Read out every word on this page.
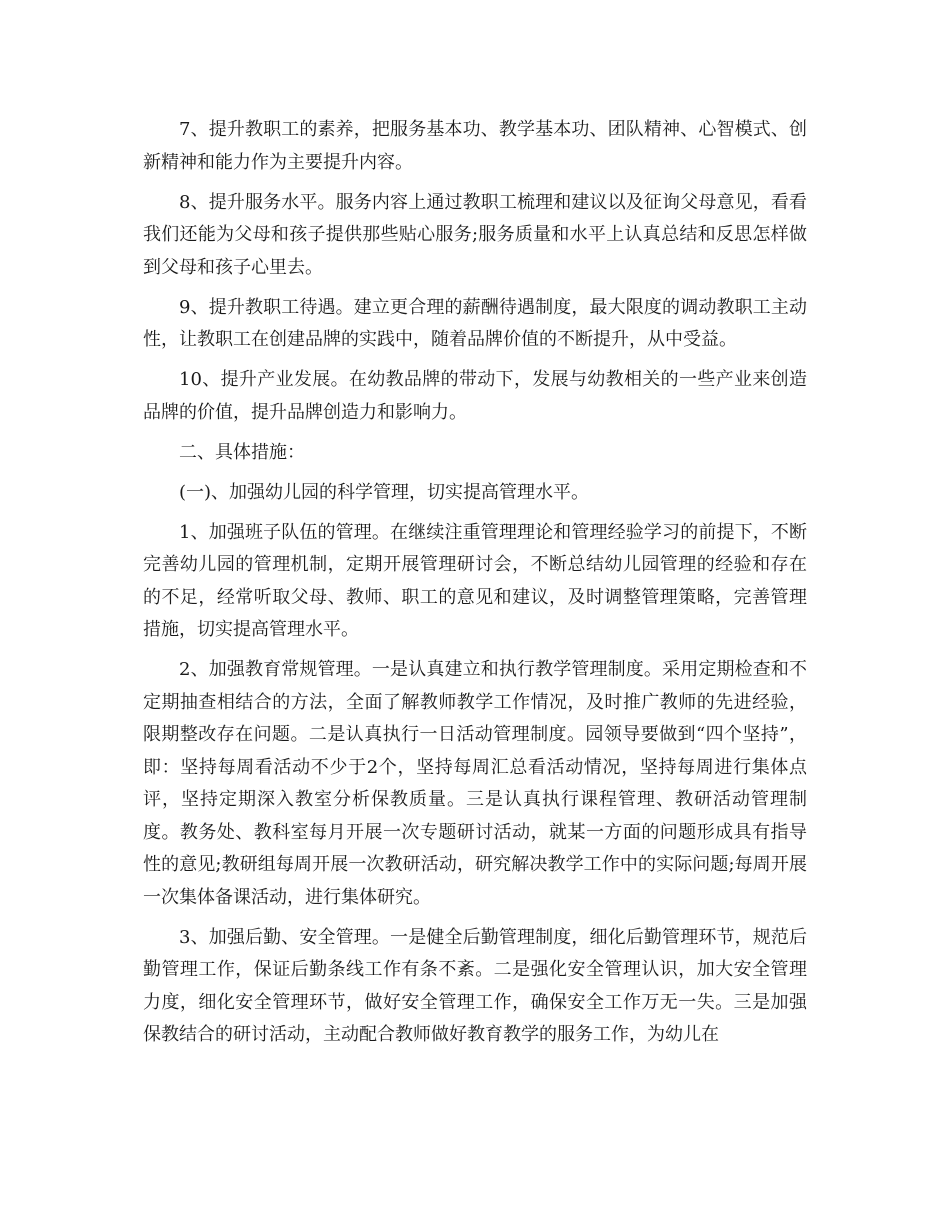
7、提升教职工的素养，把服务基本功、教学基本功、团队精神、心智模式、创新精神和能力作为主要提升内容。

8、提升服务水平。服务内容上通过教职工梳理和建议以及征询父母意见，看看我们还能为父母和孩子提供那些贴心服务;服务质量和水平上认真总结和反思怎样做到父母和孩子心里去。

9、提升教职工待遇。建立更合理的薪酬待遇制度，最大限度的调动教职工主动性，让教职工在创建品牌的实践中，随着品牌价值的不断提升，从中受益。

10、提升产业发展。在幼教品牌的带动下，发展与幼教相关的一些产业来创造品牌的价值，提升品牌创造力和影响力。

二、具体措施：

(一)、加强幼儿园的科学管理，切实提高管理水平。

1、加强班子队伍的管理。在继续注重管理理论和管理经验学习的前提下，不断完善幼儿园的管理机制，定期开展管理研讨会，不断总结幼儿园管理的经验和存在的不足，经常听取父母、教师、职工的意见和建议，及时调整管理策略，完善管理措施，切实提高管理水平。

2、加强教育常规管理。一是认真建立和执行教学管理制度。采用定期检查和不定期抽查相结合的方法，全面了解教师教学工作情况，及时推广教师的先进经验，限期整改存在问题。二是认真执行一日活动管理制度。园领导要做到“四个坚持”，即：坚持每周看活动不少于2个，坚持每周汇总看活动情况，坚持每周进行集体点评，坚持定期深入教室分析保教质量。三是认真执行课程管理、教研活动管理制度。教务处、教科室每月开展一次专题研讨活动，就某一方面的问题形成具有指导性的意见;教研组每周开展一次教研活动，研究解决教学工作中的实际问题;每周开展一次集体备课活动，进行集体研究。

3、加强后勤、安全管理。一是健全后勤管理制度，细化后勤管理环节，规范后勤管理工作，保证后勤条线工作有条不紊。二是强化安全管理认识，加大安全管理力度，细化安全管理环节，做好安全管理工作，确保安全工作万无一失。三是加强保教结合的研讨活动，主动配合教师做好教育教学的服务工作，为幼儿在
